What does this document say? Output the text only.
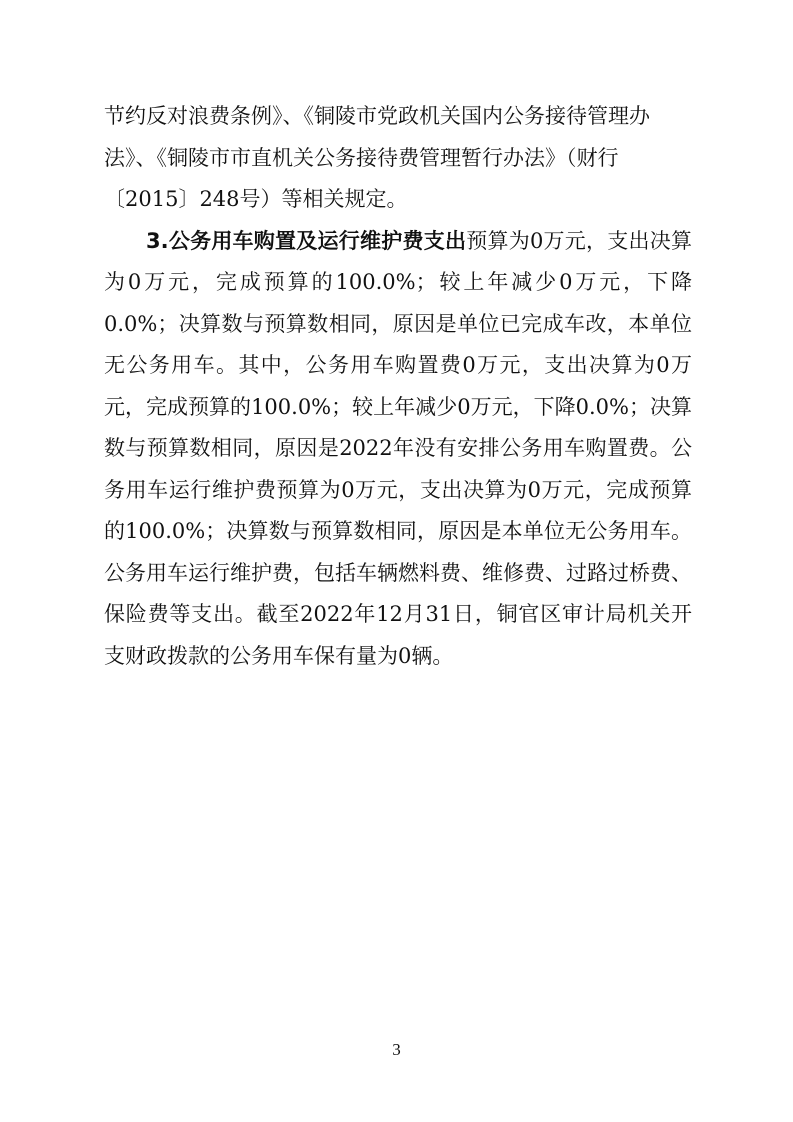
节约反对浪费条例》、《铜陵市党政机关国内公务接待管理办法》、《铜陵市市直机关公务接待费管理暂行办法》（财行〔2015〕248号）等相关规定。

3.公务用车购置及运行维护费支出预算为0万元，支出决算为0万元，完成预算的100.0%；较上年减少0万元，下降0.0%；决算数与预算数相同，原因是单位已完成车改，本单位无公务用车。其中，公务用车购置费0万元，支出决算为0万元，完成预算的100.0%；较上年减少0万元，下降0.0%；决算数与预算数相同，原因是2022年没有安排公务用车购置费。公务用车运行维护费预算为0万元，支出决算为0万元，完成预算的100.0%；决算数与预算数相同，原因是本单位无公务用车。公务用车运行维护费，包括车辆燃料费、维修费、过路过桥费、保险费等支出。截至2022年12月31日，铜官区审计局机关开支财政拨款的公务用车保有量为0辆。

3
